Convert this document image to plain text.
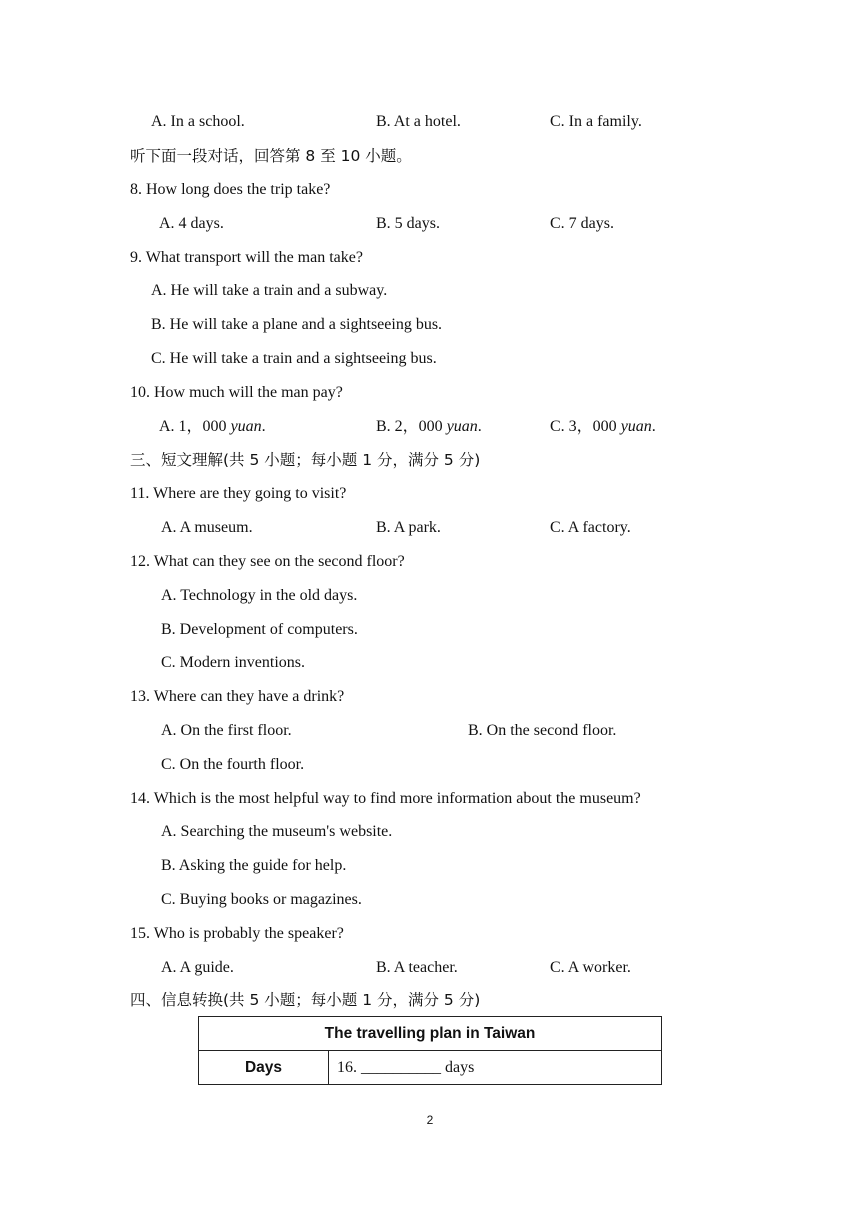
A. In a school.	B. At a hotel.	C. In a family.
听下面一段对话，回答第 8 至 10 小题。
8. How long does the trip take?
A. 4 days.	B. 5 days.	C. 7 days.
9. What transport will the man take?
A. He will take a train and a subway.
B. He will take a plane and a sightseeing bus.
C. He will take a train and a sightseeing bus.
10. How much will the man pay?
A. 1，000 yuan.	B. 2，000 yuan.	C. 3，000 yuan.
三、短文理解(共 5 小题；每小题 1 分，满分 5 分)
11. Where are they going to visit?
A. A museum.	B. A park.	C. A factory.
12. What can they see on the second floor?
A. Technology in the old days.
B. Development of computers.
C. Modern inventions.
13. Where can they have a drink?
A. On the first floor.	B. On the second floor.
C. On the fourth floor.
14. Which is the most helpful way to find more information about the museum?
A. Searching the museum's website.
B. Asking the guide for help.
C. Buying books or magazines.
15. Who is probably the speaker?
A. A guide.	B. A teacher.	C. A worker.
四、信息转换(共 5 小题；每小题 1 分，满分 5 分)
The travelling plan in Taiwan
Days	16. __________ days
2
